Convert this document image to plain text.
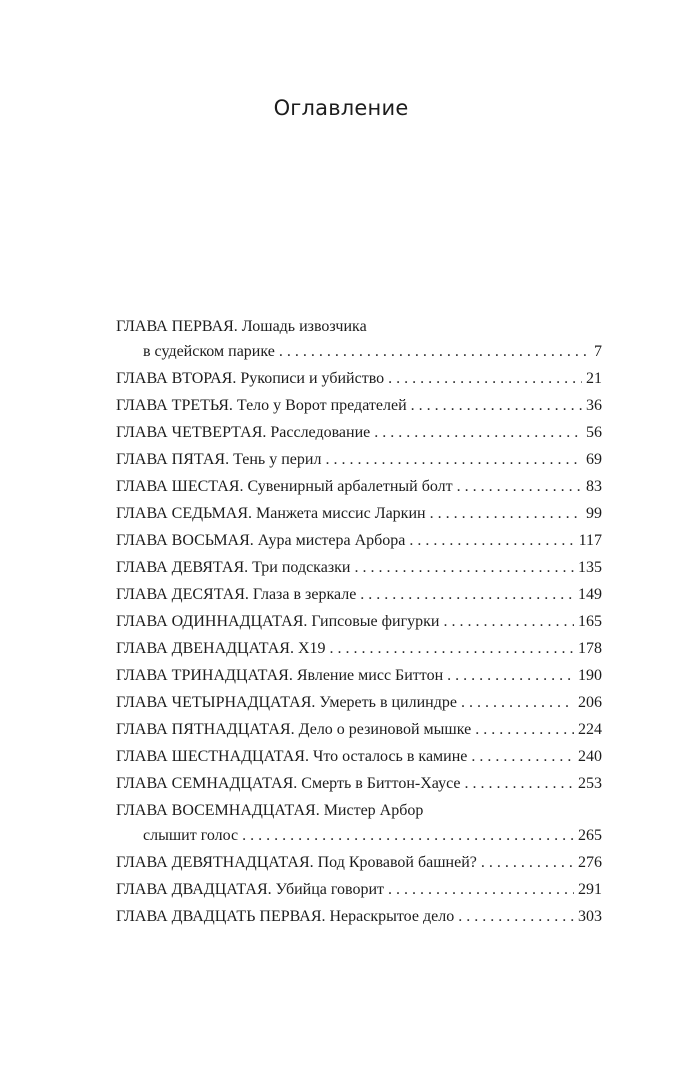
Оглавление
ГЛАВА ПЕРВАЯ. Лошадь извозчика
в судейском парике . . .	7
ГЛАВА ВТОРАЯ. Рукописи и убийство . . .	21
ГЛАВА ТРЕТЬЯ. Тело у Ворот предателей . . .	36
ГЛАВА ЧЕТВЕРТАЯ. Расследование . . .	56
ГЛАВА ПЯТАЯ. Тень у перил . . .	69
ГЛАВА ШЕСТАЯ. Сувенирный арбалетный болт . . .	83
ГЛАВА СЕДЬМАЯ. Манжета миссис Ларкин . . .	99
ГЛАВА ВОСЬМАЯ. Аура мистера Арбора . . .	117
ГЛАВА ДЕВЯТАЯ. Три подсказки . . .	135
ГЛАВА ДЕСЯТАЯ. Глаза в зеркале . . .	149
ГЛАВА ОДИННАДЦАТАЯ. Гипсовые фигурки . . .	165
ГЛАВА ДВЕНАДЦАТАЯ. Х19 . . .	178
ГЛАВА ТРИНАДЦАТАЯ. Явление мисс Биттон . . .	190
ГЛАВА ЧЕТЫРНАДЦАТАЯ. Умереть в цилиндре . . .	206
ГЛАВА ПЯТНАДЦАТАЯ. Дело о резиновой мышке . . .	224
ГЛАВА ШЕСТНАДЦАТАЯ. Что осталось в камине . . .	240
ГЛАВА СЕМНАДЦАТАЯ. Смерть в Биттон-Хаусе . . .	253
ГЛАВА ВОСЕМНАДЦАТАЯ. Мистер Арбор
слышит голос . . .	265
ГЛАВА ДЕВЯТНАДЦАТАЯ. Под Кровавой башней? . . .	276
ГЛАВА ДВАДЦАТАЯ. Убийца говорит . . .	291
ГЛАВА ДВАДЦАТЬ ПЕРВАЯ. Нераскрытое дело . . .	303
